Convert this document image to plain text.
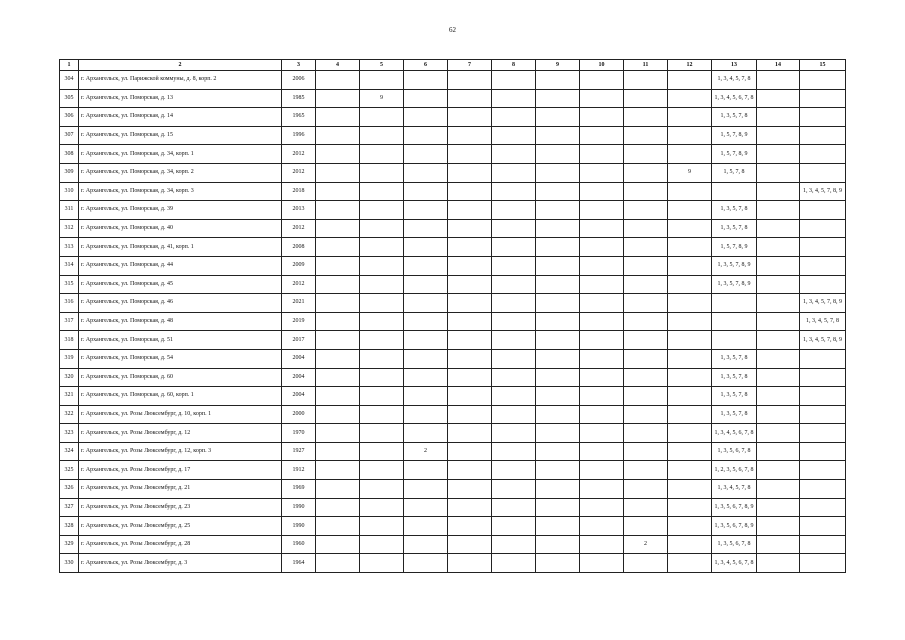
62
1	2	3	4	5	6	7	8	9	10	11	12	13	14	15
304	г. Архангельск, ул. Парижской коммуны, д. 8, корп. 2	2006										1, 3, 4, 5, 7, 8		
305	г. Архангельск, ул. Поморская, д. 13	1985		9								1, 3, 4, 5, 6, 7, 8		
306	г. Архангельск, ул. Поморская, д. 14	1965										1, 3, 5, 7, 8		
307	г. Архангельск, ул. Поморская, д. 15	1996										1, 5, 7, 8, 9		
308	г. Архангельск, ул. Поморская, д. 34, корп. 1	2012										1, 5, 7, 8, 9		
309	г. Архангельск, ул. Поморская, д. 34, корп. 2	2012									9	1, 5, 7, 8		
310	г. Архангельск, ул. Поморская, д. 34, корп. 3	2018												1, 3, 4, 5, 7, 8, 9
311	г. Архангельск, ул. Поморская, д. 39	2013										1, 3, 5, 7, 8		
312	г. Архангельск, ул. Поморская, д. 40	2012										1, 3, 5, 7, 8		
313	г. Архангельск, ул. Поморская, д. 41, корп. 1	2008										1, 5, 7, 8, 9		
314	г. Архангельск, ул. Поморская, д. 44	2009										1, 3, 5, 7, 8, 9		
315	г. Архангельск, ул. Поморская, д. 45	2012										1, 3, 5, 7, 8, 9		
316	г. Архангельск, ул. Поморская, д. 46	2021												1, 3, 4, 5, 7, 8, 9
317	г. Архангельск, ул. Поморская, д. 48	2019												1, 3, 4, 5, 7, 8
318	г. Архангельск, ул. Поморская, д. 51	2017												1, 3, 4, 5, 7, 8, 9
319	г. Архангельск, ул. Поморская, д. 54	2004										1, 3, 5, 7, 8		
320	г. Архангельск, ул. Поморская, д. 60	2004										1, 3, 5, 7, 8		
321	г. Архангельск, ул. Поморская, д. 60, корп. 1	2004										1, 3, 5, 7, 8		
322	г. Архангельск, ул. Розы Люксембург, д. 10, корп. 1	2000										1, 3, 5, 7, 8		
323	г. Архангельск, ул. Розы Люксембург, д. 12	1970										1, 3, 4, 5, 6, 7, 8		
324	г. Архангельск, ул. Розы Люксембург, д. 12, корп. 3	1927			2							1, 3, 5, 6, 7, 8		
325	г. Архангельск, ул. Розы Люксембург, д. 17	1912										1, 2, 3, 5, 6, 7, 8		
326	г. Архангельск, ул. Розы Люксембург, д. 21	1969										1, 3, 4, 5, 7, 8		
327	г. Архангельск, ул. Розы Люксембург, д. 23	1990										1, 3, 5, 6, 7, 8, 9		
328	г. Архангельск, ул. Розы Люксембург, д. 25	1990										1, 3, 5, 6, 7, 8, 9		
329	г. Архангельск, ул. Розы Люксембург, д. 28	1960								2		1, 3, 5, 6, 7, 8		
330	г. Архангельск, ул. Розы Люксембург, д. 3	1964										1, 3, 4, 5, 6, 7, 8		
